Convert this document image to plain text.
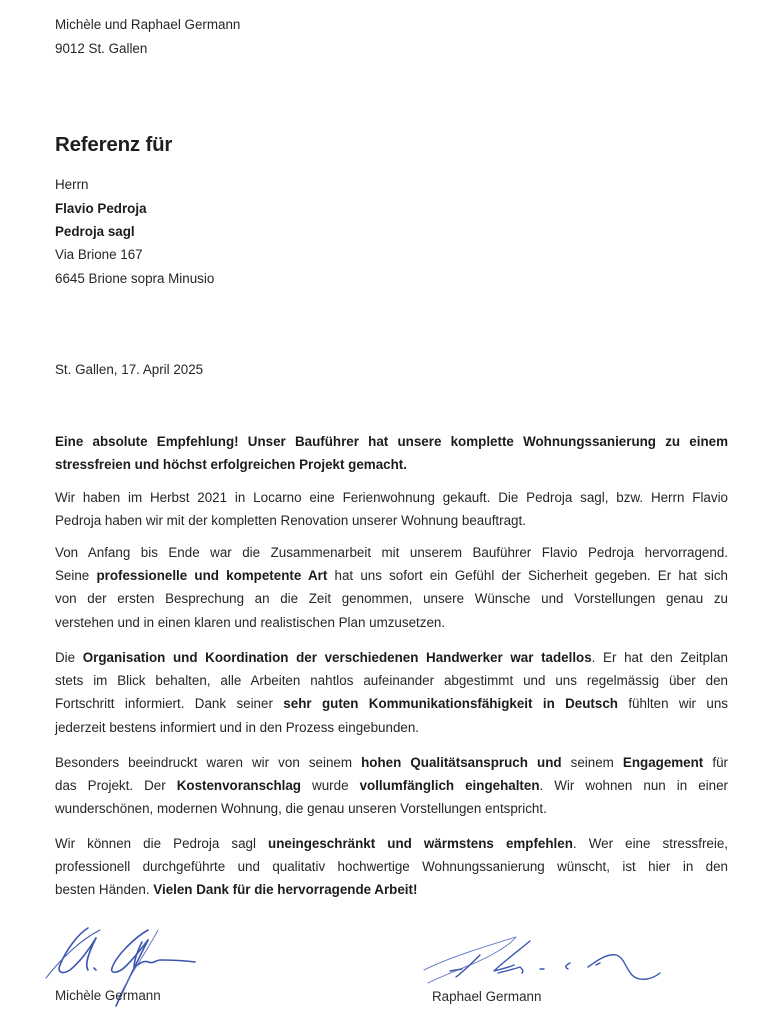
Michèle und Raphael Germann
9012 St. Gallen
Referenz für
Herrn
Flavio Pedroja
Pedroja sagl
Via Brione 167
6645 Brione sopra Minusio
St. Gallen, 17. April 2025
Eine absolute Empfehlung! Unser Bauführer hat unsere komplette Wohnungssanierung zu einem
stressfreien und höchst erfolgreichen Projekt gemacht.
Wir haben im Herbst 2021 in Locarno eine Ferienwohnung gekauft. Die Pedroja sagl, bzw. Herrn Flavio
Pedroja haben wir mit der kompletten Renovation unserer Wohnung beauftragt.
Von Anfang bis Ende war die Zusammenarbeit mit unserem Bauführer Flavio Pedroja hervorragend.
Seine professionelle und kompetente Art hat uns sofort ein Gefühl der Sicherheit gegeben. Er hat sich
von der ersten Besprechung an die Zeit genommen, unsere Wünsche und Vorstellungen genau zu
verstehen und in einen klaren und realistischen Plan umzusetzen.
Die Organisation und Koordination der verschiedenen Handwerker war tadellos. Er hat den Zeitplan
stets im Blick behalten, alle Arbeiten nahtlos aufeinander abgestimmt und uns regelmässig über den
Fortschritt informiert. Dank seiner sehr guten Kommunikationsfähigkeit in Deutsch fühlten wir uns
jederzeit bestens informiert und in den Prozess eingebunden.
Besonders beeindruckt waren wir von seinem hohen Qualitätsanspruch und seinem Engagement für
das Projekt. Der Kostenvoranschlag wurde vollumfänglich eingehalten. Wir wohnen nun in einer
wunderschönen, modernen Wohnung, die genau unseren Vorstellungen entspricht.
Wir können die Pedroja sagl uneingeschränkt und wärmstens empfehlen. Wer eine stressfreie,
professionell durchgeführte und qualitativ hochwertige Wohnungssanierung wünscht, ist hier in den
besten Händen. Vielen Dank für die hervorragende Arbeit!
Michèle Germann	Raphael Germann
